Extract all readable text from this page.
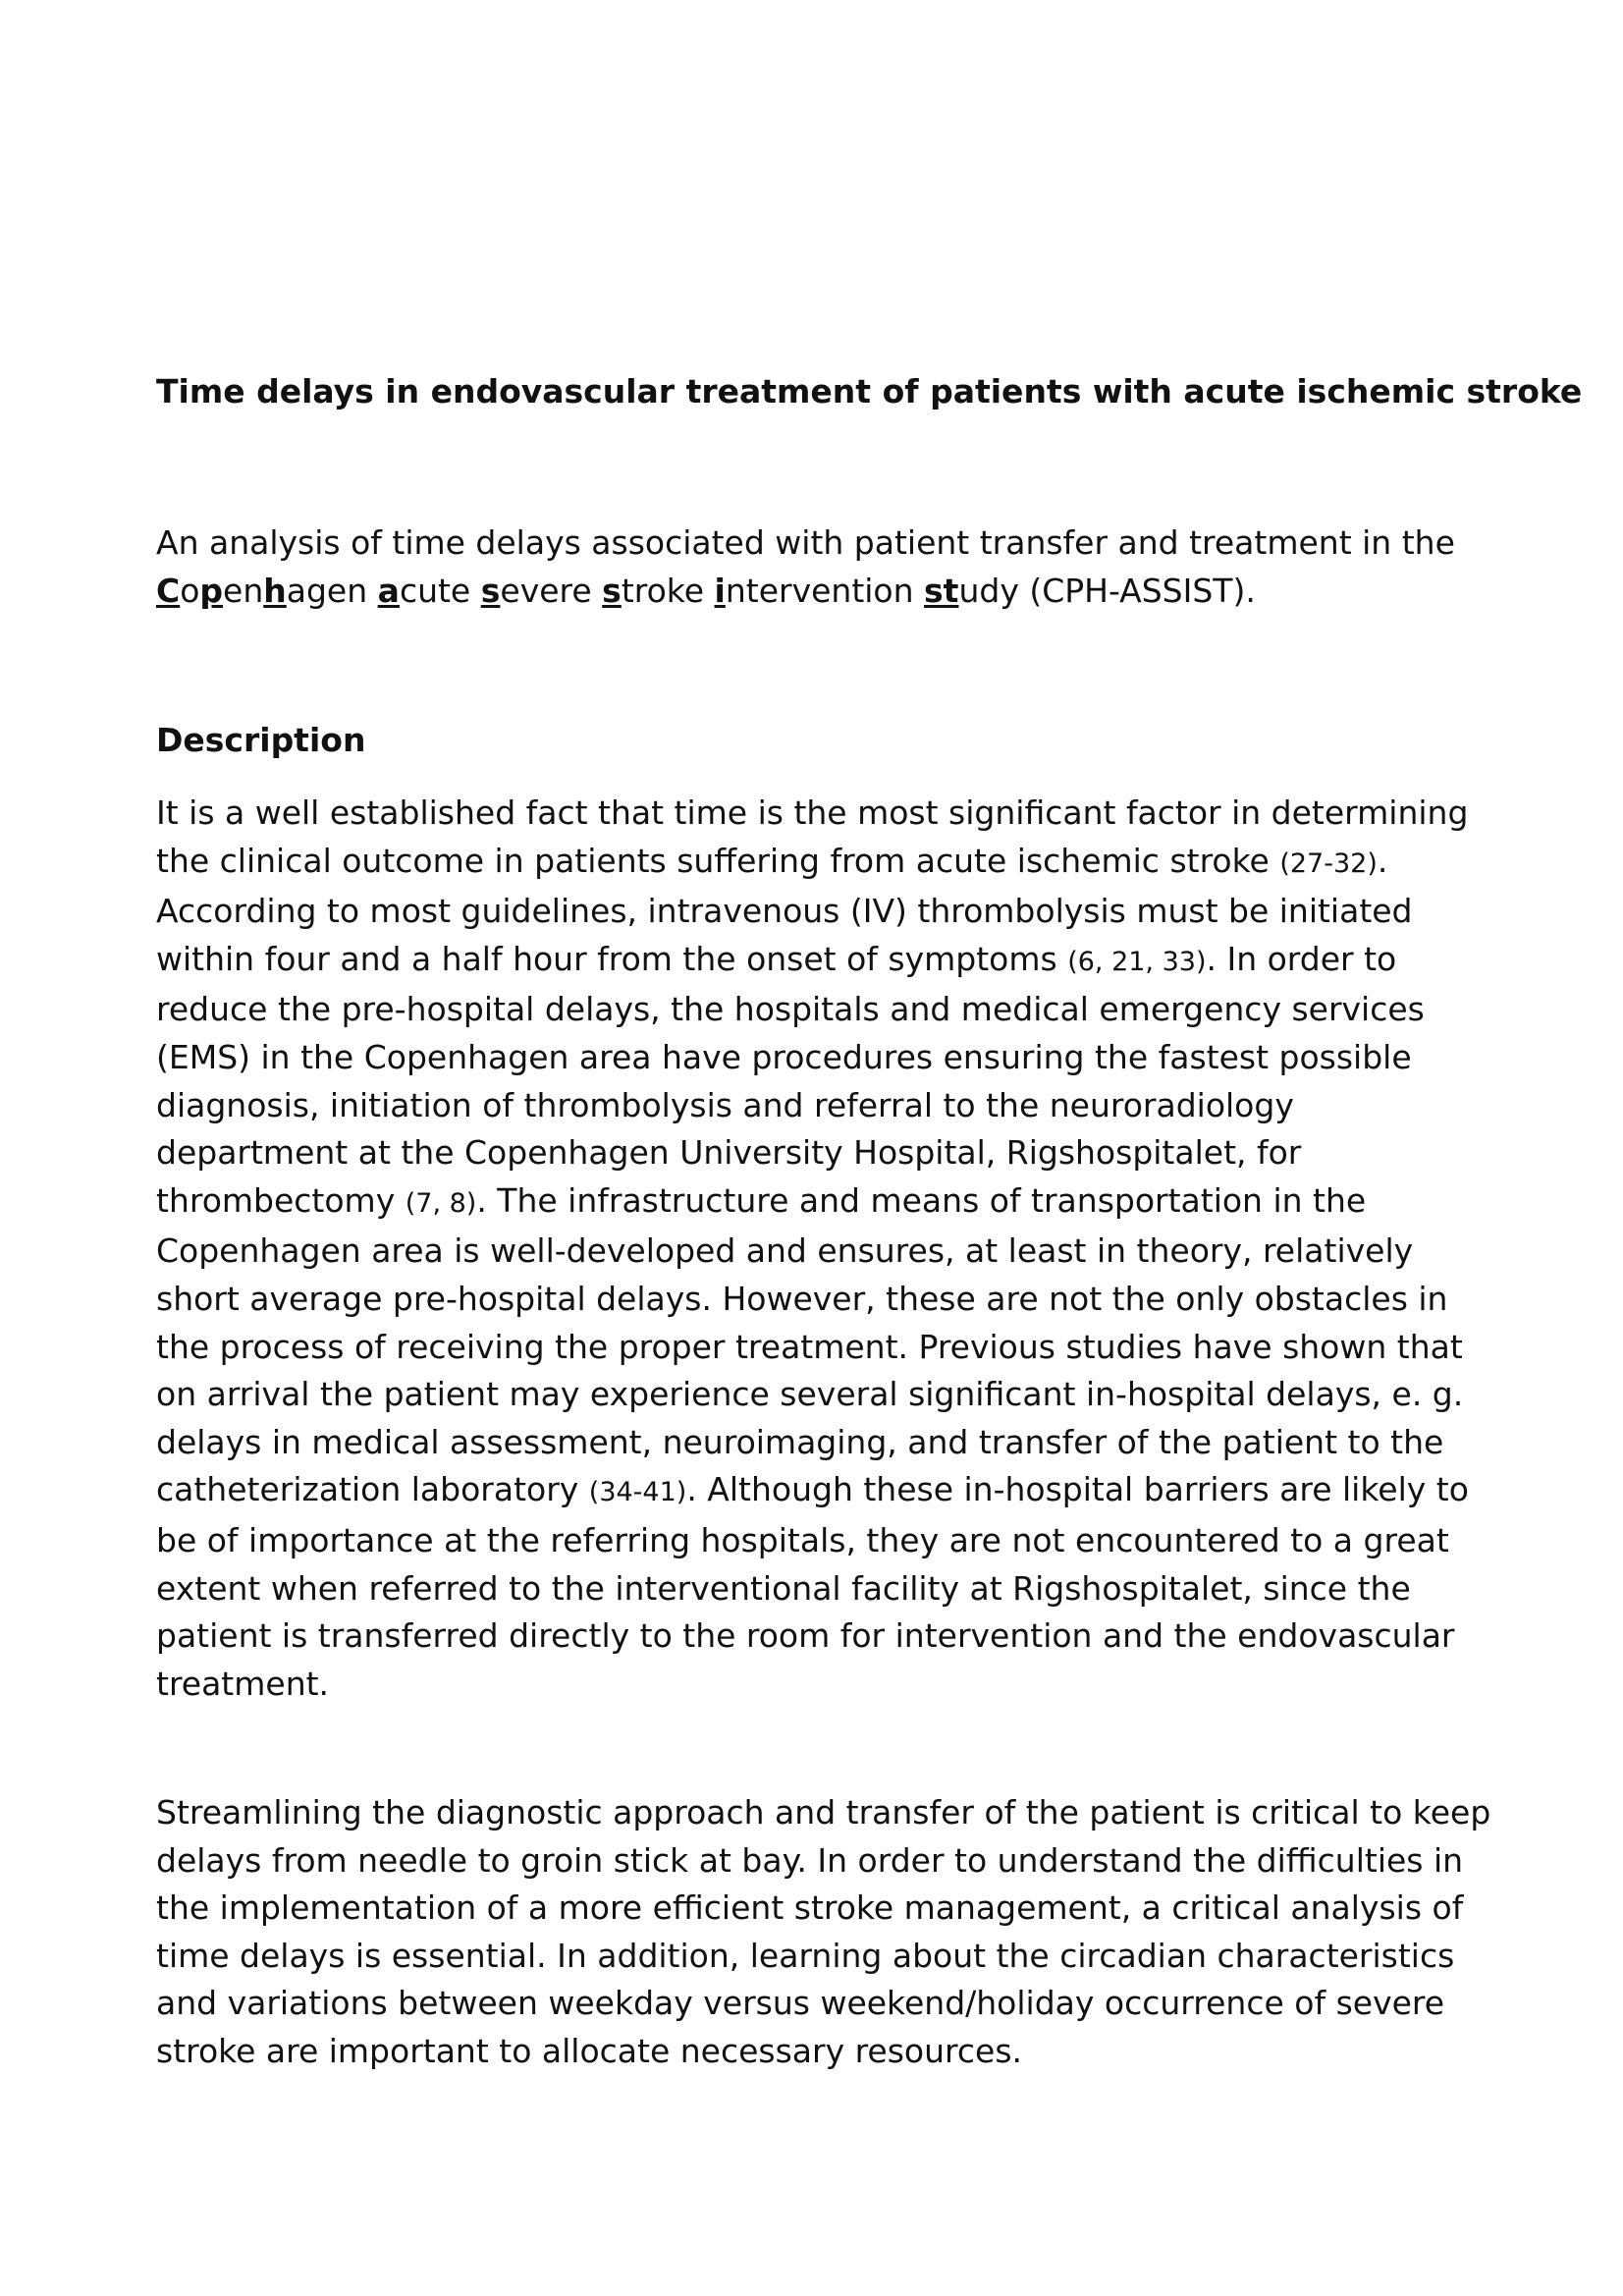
Time delays in endovascular treatment of patients with acute ischemic stroke
An analysis of time delays associated with patient transfer and treatment in the
Copenhagen acute severe stroke intervention study (CPH-ASSIST).
Description
It is a well established fact that time is the most significant factor in determining
the clinical outcome in patients suffering from acute ischemic stroke (27-32).
According to most guidelines, intravenous (IV) thrombolysis must be initiated
within four and a half hour from the onset of symptoms (6, 21, 33). In order to
reduce the pre-hospital delays, the hospitals and medical emergency services
(EMS) in the Copenhagen area have procedures ensuring the fastest possible
diagnosis, initiation of thrombolysis and referral to the neuroradiology
department at the Copenhagen University Hospital, Rigshospitalet, for
thrombectomy (7, 8). The infrastructure and means of transportation in the
Copenhagen area is well-developed and ensures, at least in theory, relatively
short average pre-hospital delays. However, these are not the only obstacles in
the process of receiving the proper treatment. Previous studies have shown that
on arrival the patient may experience several significant in-hospital delays, e. g.
delays in medical assessment, neuroimaging, and transfer of the patient to the
catheterization laboratory (34-41). Although these in-hospital barriers are likely to
be of importance at the referring hospitals, they are not encountered to a great
extent when referred to the interventional facility at Rigshospitalet, since the
patient is transferred directly to the room for intervention and the endovascular
treatment.
Streamlining the diagnostic approach and transfer of the patient is critical to keep
delays from needle to groin stick at bay. In order to understand the difficulties in
the implementation of a more efficient stroke management, a critical analysis of
time delays is essential. In addition, learning about the circadian characteristics
and variations between weekday versus weekend/holiday occurrence of severe
stroke are important to allocate necessary resources.
